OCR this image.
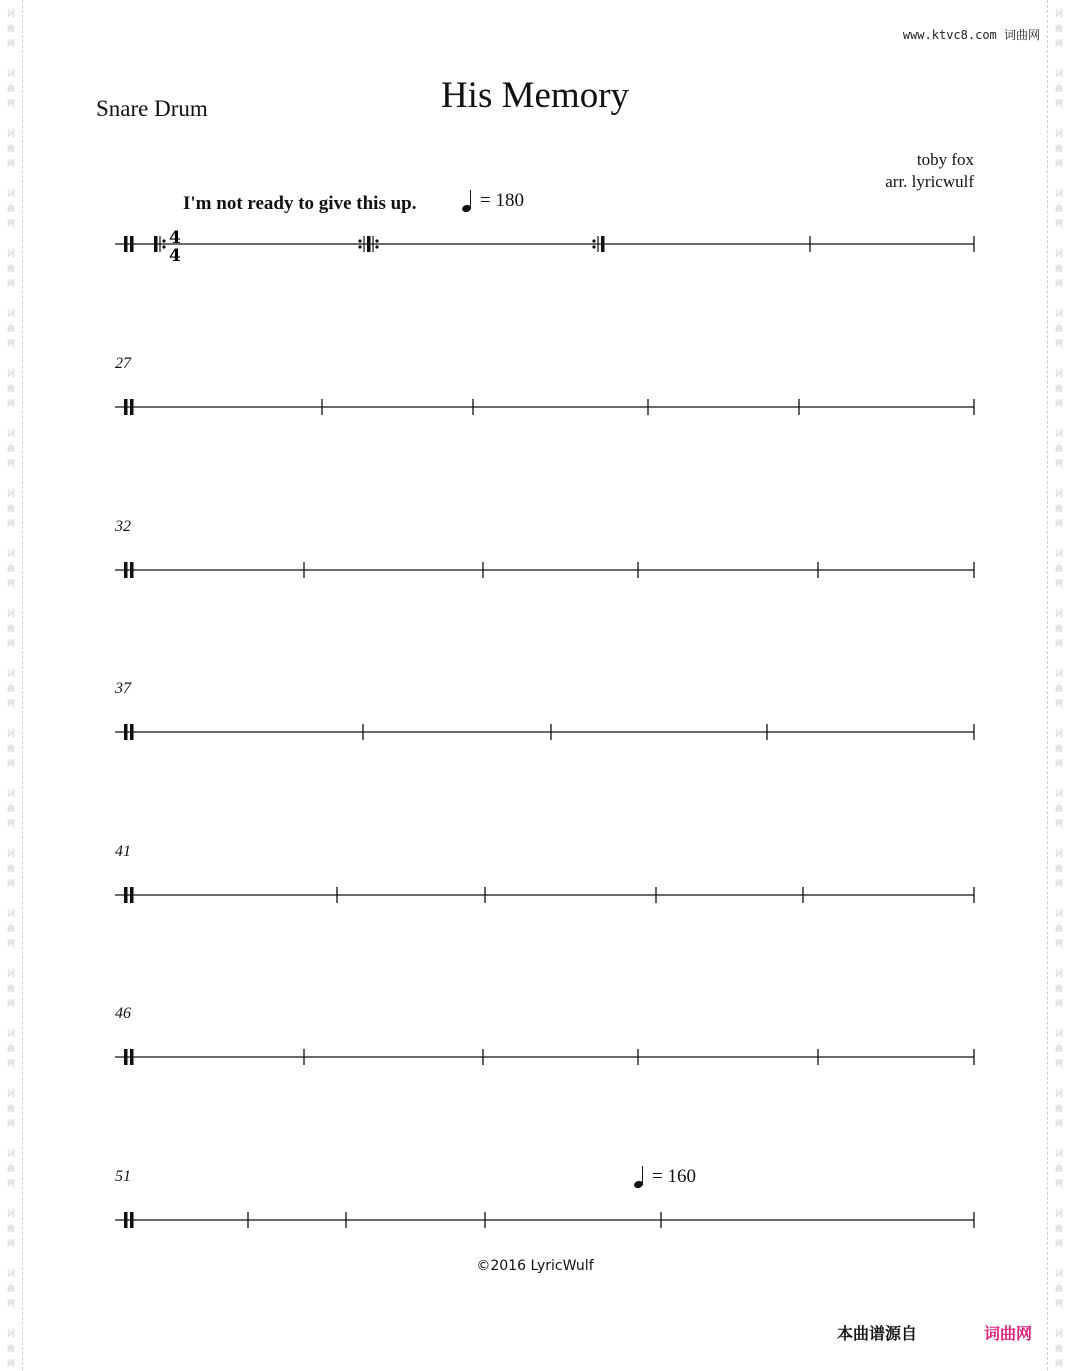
词
曲
网
词
曲
网
词
曲
网
词
曲
网
词
曲
网
词
曲
网
词
曲
网
词
曲
网
词
曲
网
词
曲
网
词
曲
网
词
曲
网
词
曲
网
词
曲
网
词
曲
网
词
曲
网
词
曲
网
词
曲
网
词
曲
网
词
曲
网
词
曲
网
词
曲
网
词
曲
网
词
曲
网
词
曲
网
词
曲
网
词
曲
网
词
曲
网
词
曲
网
词
曲
网
词
曲
网
词
曲
网
词
曲
网
词
曲
网
词
曲
网
词
曲
网
词
曲
网
词
曲
网
词
曲
网
词
曲
网
词
曲
网
词
曲
网
词
曲
网
词
曲
网
词
曲
网
词
曲
网
www.ktvc8.com 词曲网
Snare Drum	His Memory
toby fox
arr. lyricwulf
I'm not ready to give this up.	= 180
= 160
4
4
27
32
37
41
46
51
©2016 LyricWulf
本曲谱源自	词曲网
